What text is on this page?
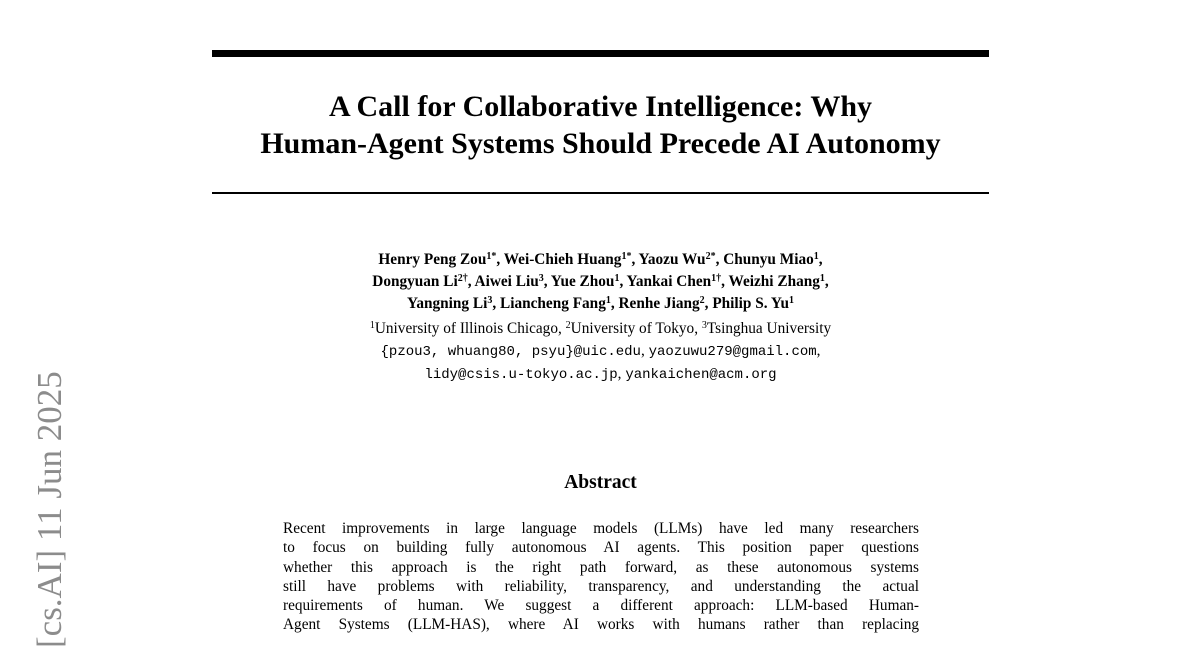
A Call for Collaborative Intelligence: Why
Human-Agent Systems Should Precede AI Autonomy
Henry Peng Zou$^{1*}$, Wei-Chieh Huang$^{1*}$, Yaozu $Wu^{2*}$, Chunyu Miao$^1$,
Dongyuan $Li^{2\dagger}$, Aiwei Liu$^3$, Yue Zhou$^1$, Yankai Chen$^{1\dagger}$, Weizhi Zhang$^1$,
Yangning Li$^3$, Liancheng Fang$^1$, Renhe Jiang$^2$, Philip S. Yu$^1$
$^1$University of Illinois Chicago, $^2$University of Tokyo, $^3$Tsinghua University
{pzou3, whuang80, psyu}@uic.edu, yaozuwu279@gmail.com,
lidy@csis.u-tokyo.ac.jp, yankaichen@acm.org
Abstract
Recent improvements in large language models (LLMs) have led many researchers
to focus on building fully autonomous AI agents. This position paper questions
whether this approach is the right path forward, as these autonomous systems
still have problems with reliability, transparency, and understanding the actual
requirements of human. We suggest a different approach: LLM-based Human-
Agent Systems (LLM-HAS), where AI works with humans rather than replacing
[cs.AI] 11 Jun 2025
